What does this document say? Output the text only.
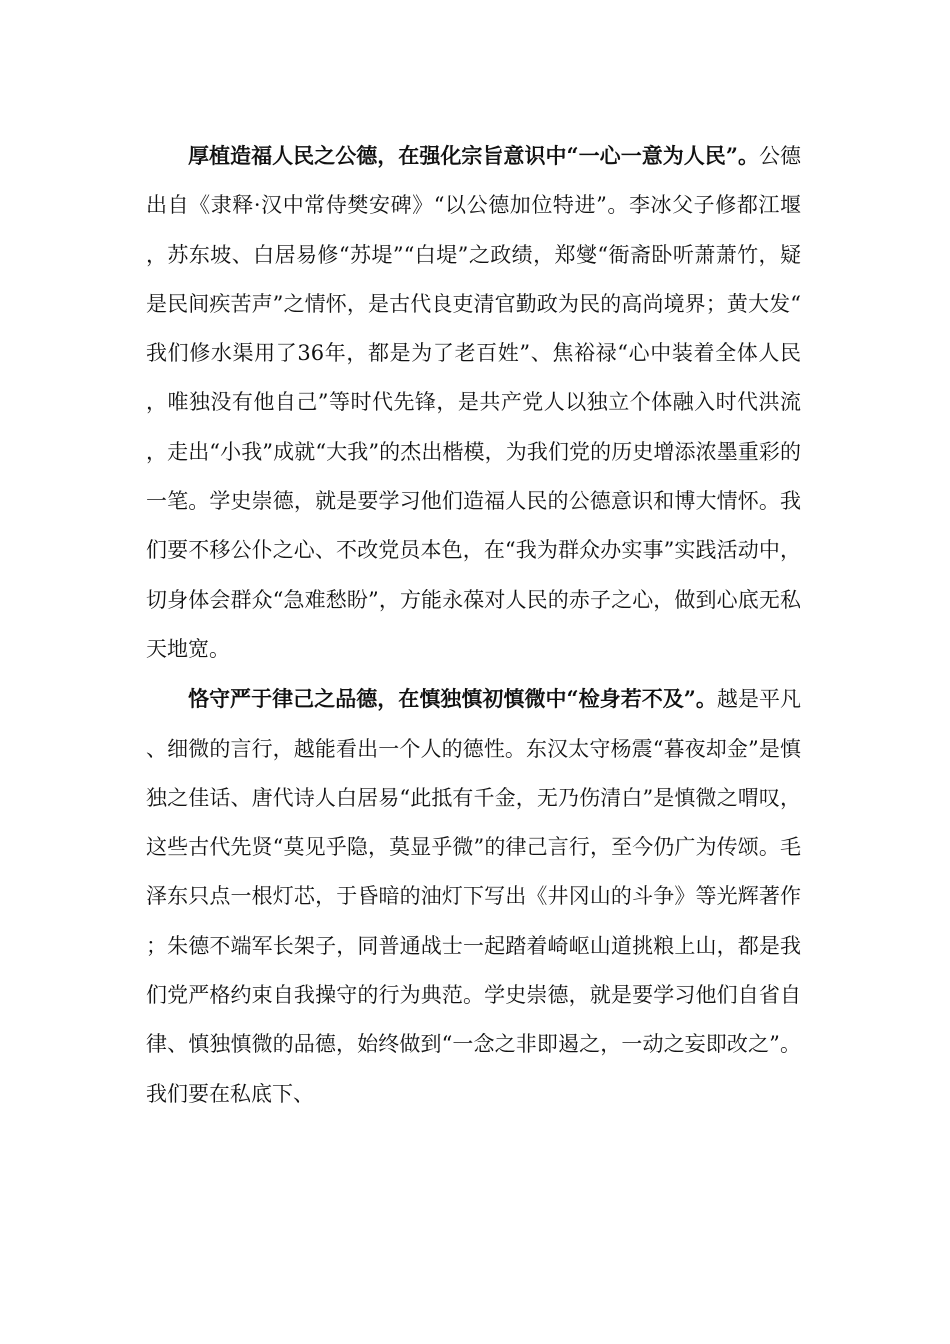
厚植造福人民之公德，在强化宗旨意识中“一心一意为人民”。公德出自《隶释·汉中常侍樊安碑》“以公德加位特进”。李冰父子修都江堰，苏东坡、白居易修“苏堤”“白堤”之政绩，郑燮“衙斋卧听萧萧竹，疑是民间疾苦声”之情怀，是古代良吏清官勤政为民的高尚境界；黄大发“我们修水渠用了36年，都是为了老百姓”、焦裕禄“心中装着全体人民，唯独没有他自己”等时代先锋，是共产党人以独立个体融入时代洪流，走出“小我”成就“大我”的杰出楷模，为我们党的历史增添浓墨重彩的一笔。学史崇德，就是要学习他们造福人民的公德意识和博大情怀。我们要不移公仆之心、不改党员本色，在“我为群众办实事”实践活动中，切身体会群众“急难愁盼”，方能永葆对人民的赤子之心，做到心底无私天地宽。

恪守严于律己之品德，在慎独慎初慎微中“检身若不及”。越是平凡、细微的言行，越能看出一个人的德性。东汉太守杨震“暮夜却金”是慎独之佳话、唐代诗人白居易“此抵有千金，无乃伤清白”是慎微之喟叹，这些古代先贤“莫见乎隐，莫显乎微”的律己言行，至今仍广为传颂。毛泽东只点一根灯芯，于昏暗的油灯下写出《井冈山的斗争》等光辉著作；朱德不端军长架子，同普通战士一起踏着崎岖山道挑粮上山，都是我们党严格约束自我操守的行为典范。学史崇德，就是要学习他们自省自律、慎独慎微的品德，始终做到“一念之非即遏之，一动之妄即改之”。我们要在私底下、
